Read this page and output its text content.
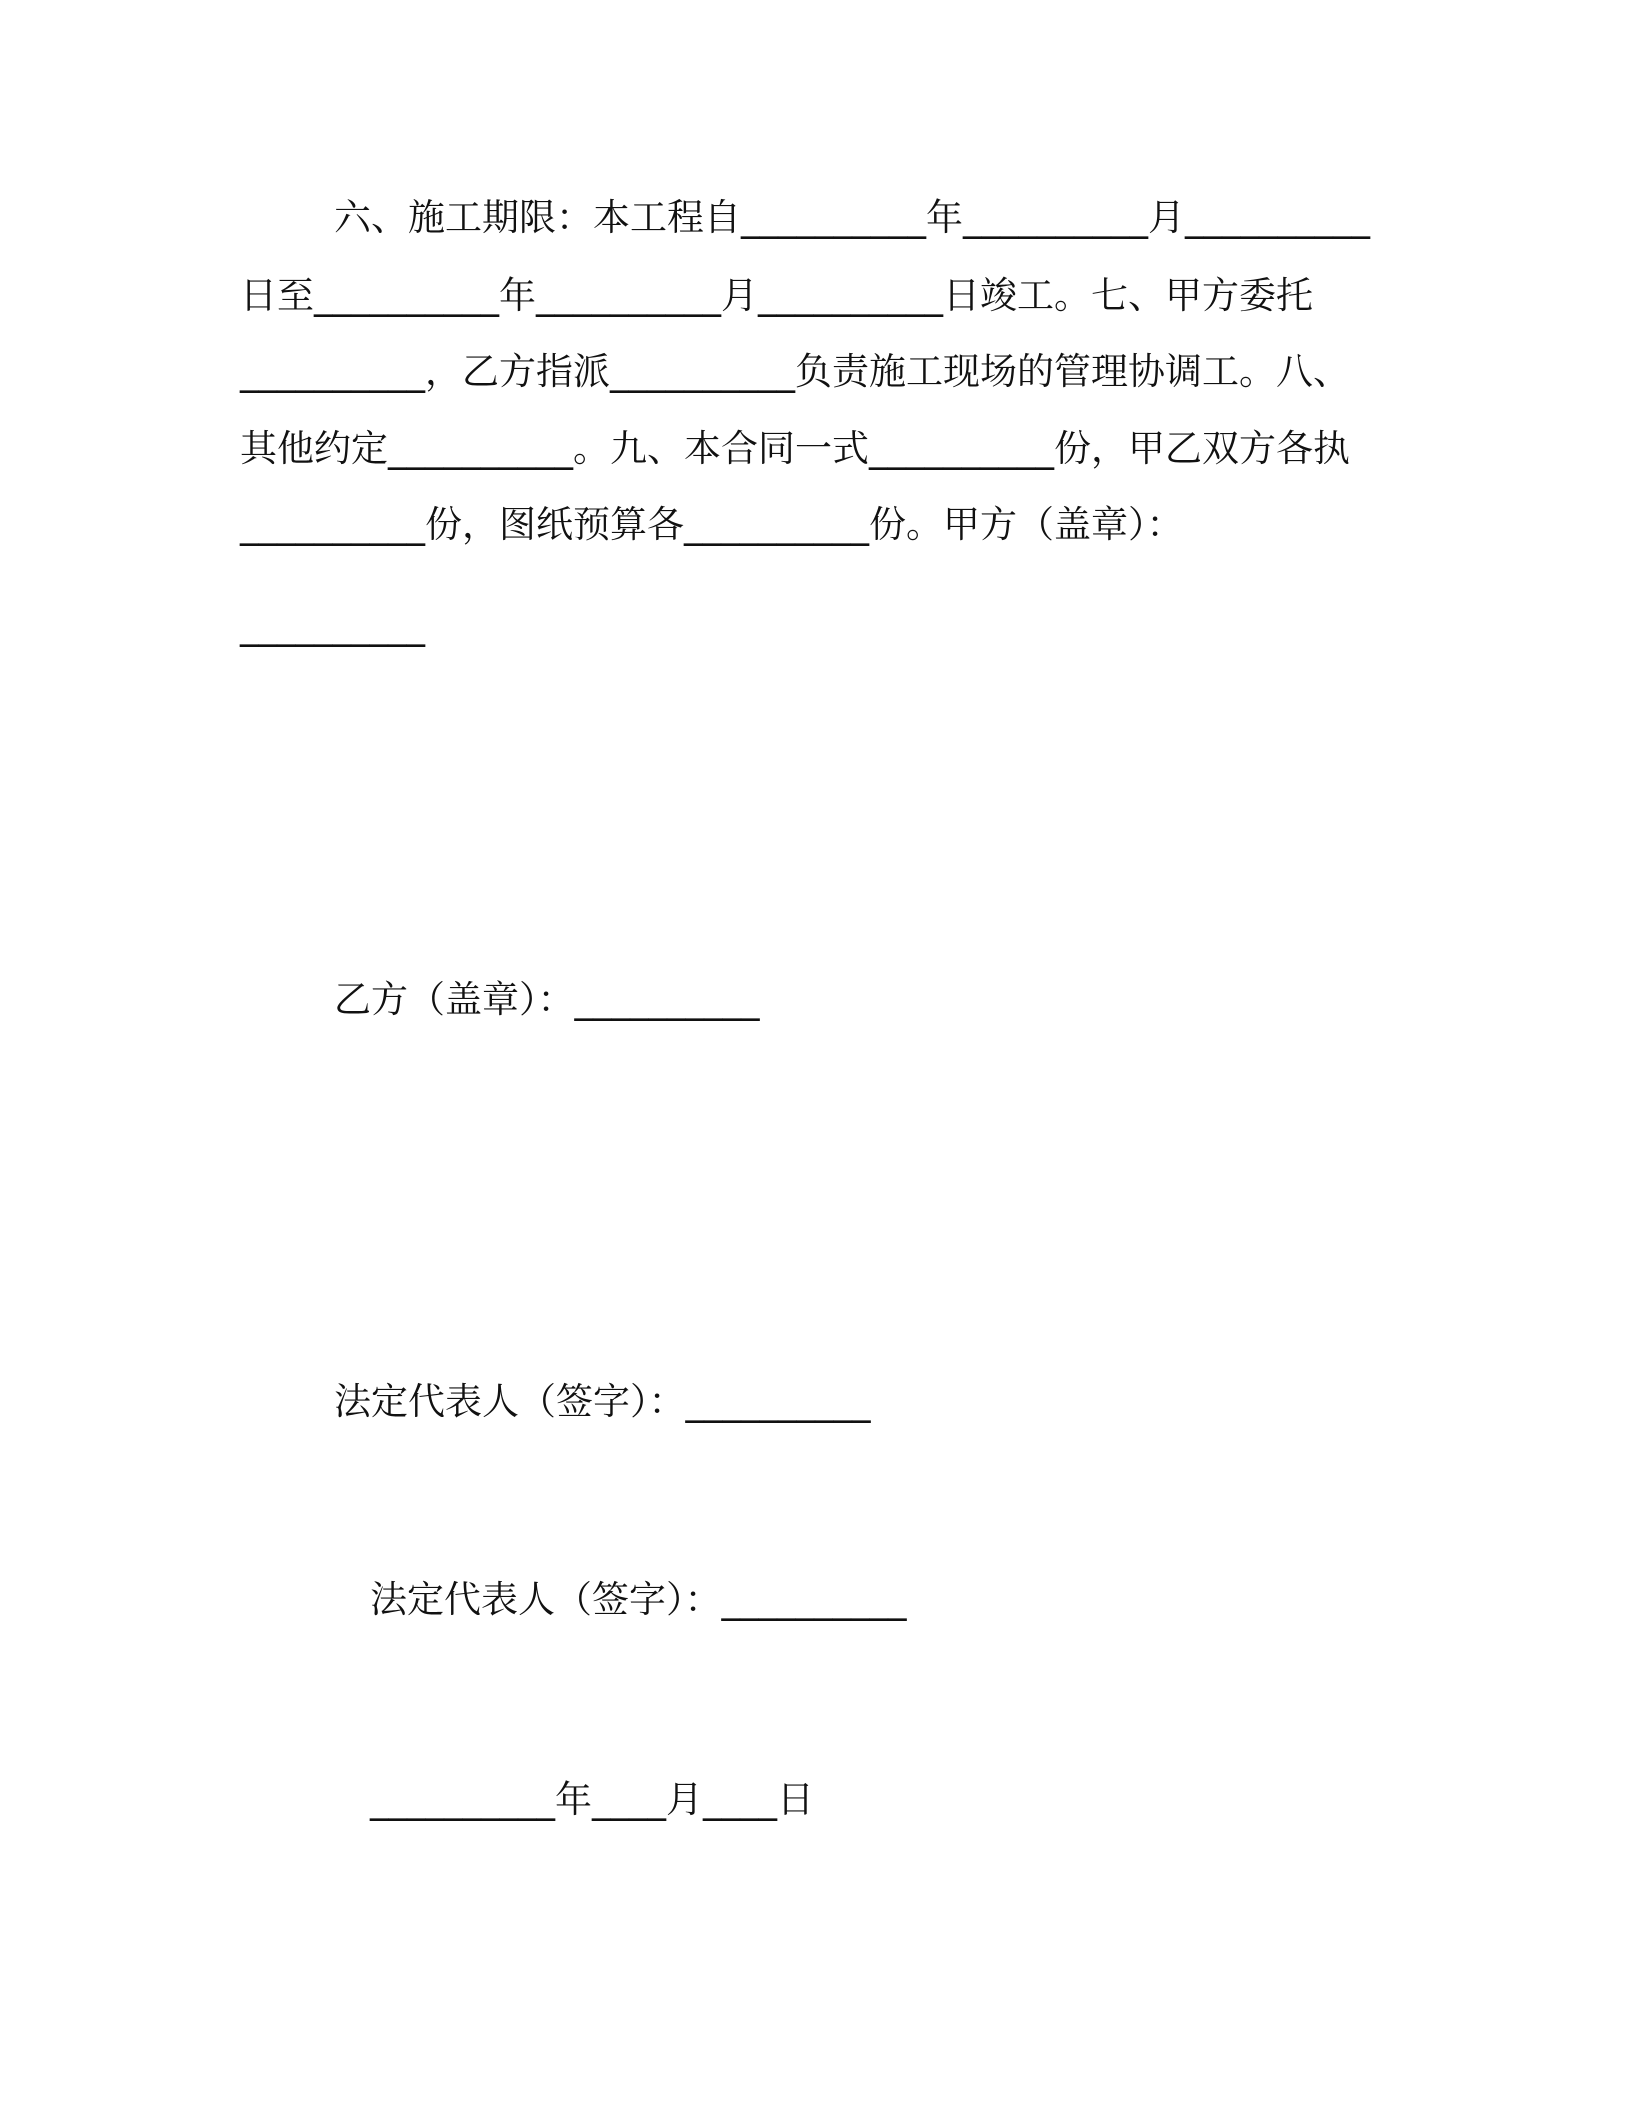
六、施工期限：本工程自__________年__________月__________
日至__________年__________月__________日竣工。七、甲方委托
__________，乙方指派__________负责施工现场的管理协调工。八、
其他约定__________。九、本合同一式__________份，甲乙双方各执
__________份，图纸预算各__________份。甲方（盖章）：
__________
乙方（盖章）：__________
法定代表人（签字）：__________
法定代表人（签字）：__________
__________年____月____日
